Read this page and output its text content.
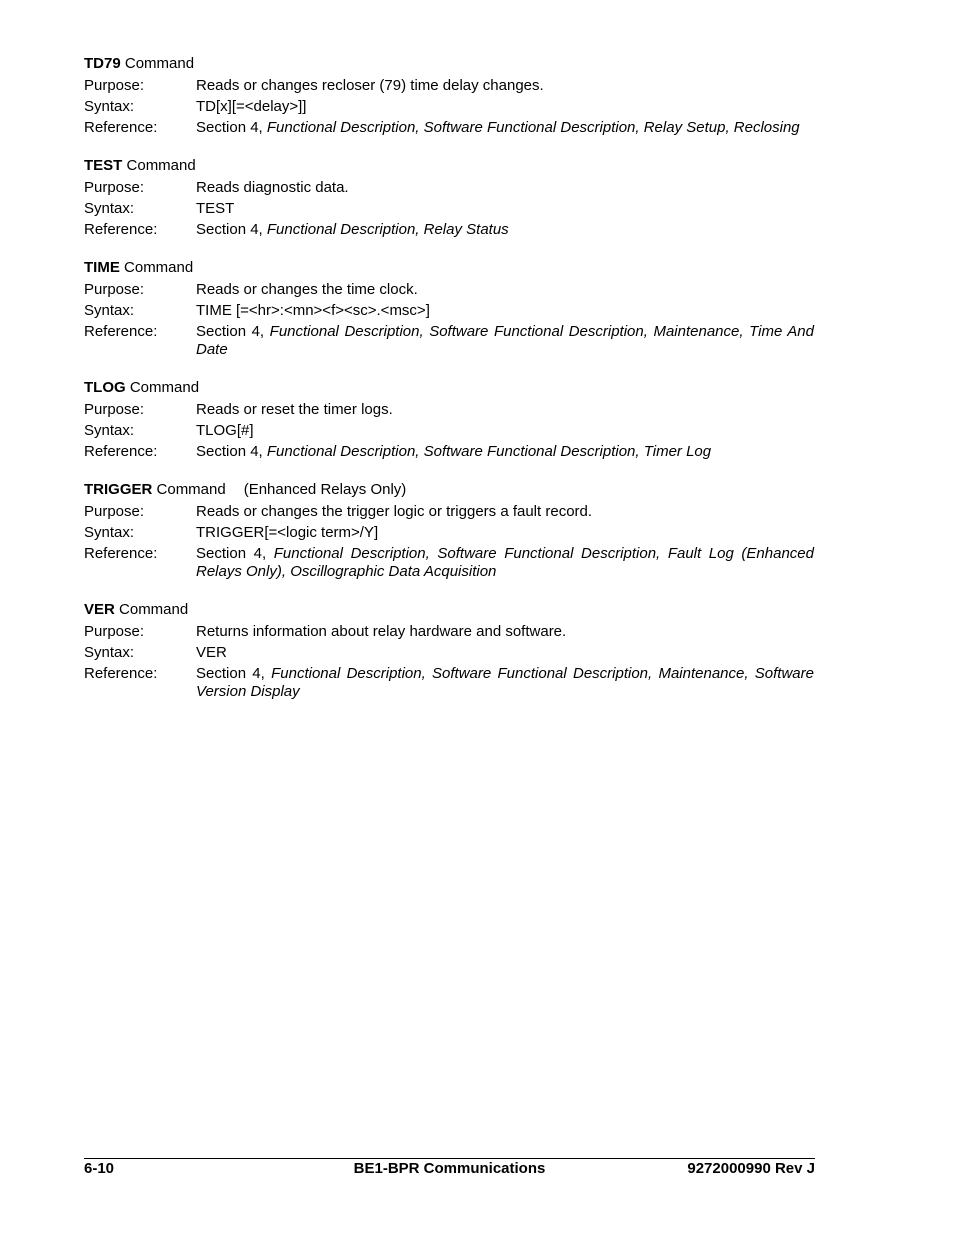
TD79 Command
Purpose:	Reads or changes recloser (79) time delay changes.
Syntax:	TD[x][=<delay>]]
Reference:	Section 4, Functional Description, Software Functional Description, Relay Setup, Reclosing
TEST Command
Purpose:	Reads diagnostic data.
Syntax:	TEST
Reference:	Section 4, Functional Description, Relay Status
TIME Command
Purpose:	Reads or changes the time clock.
Syntax:	TIME [=<hr>:<mn><f><sc>.<msc>]
Reference:	Section 4, Functional Description, Software Functional Description, Maintenance, Time And Date
TLOG Command
Purpose:	Reads or reset the timer logs.
Syntax:	TLOG[#]
Reference:	Section 4, Functional Description, Software Functional Description, Timer Log
TRIGGER Command (Enhanced Relays Only)
Purpose:	Reads or changes the trigger logic or triggers a fault record.
Syntax:	TRIGGER[=<logic term>/Y]
Reference:	Section 4, Functional Description, Software Functional Description, Fault Log (Enhanced Relays Only), Oscillographic Data Acquisition
VER Command
Purpose:	Returns information about relay hardware and software.
Syntax:	VER
Reference:	Section 4, Functional Description, Software Functional Description, Maintenance, Software Version Display
BE1-BPR Communications
6-10	9272000990 Rev J
